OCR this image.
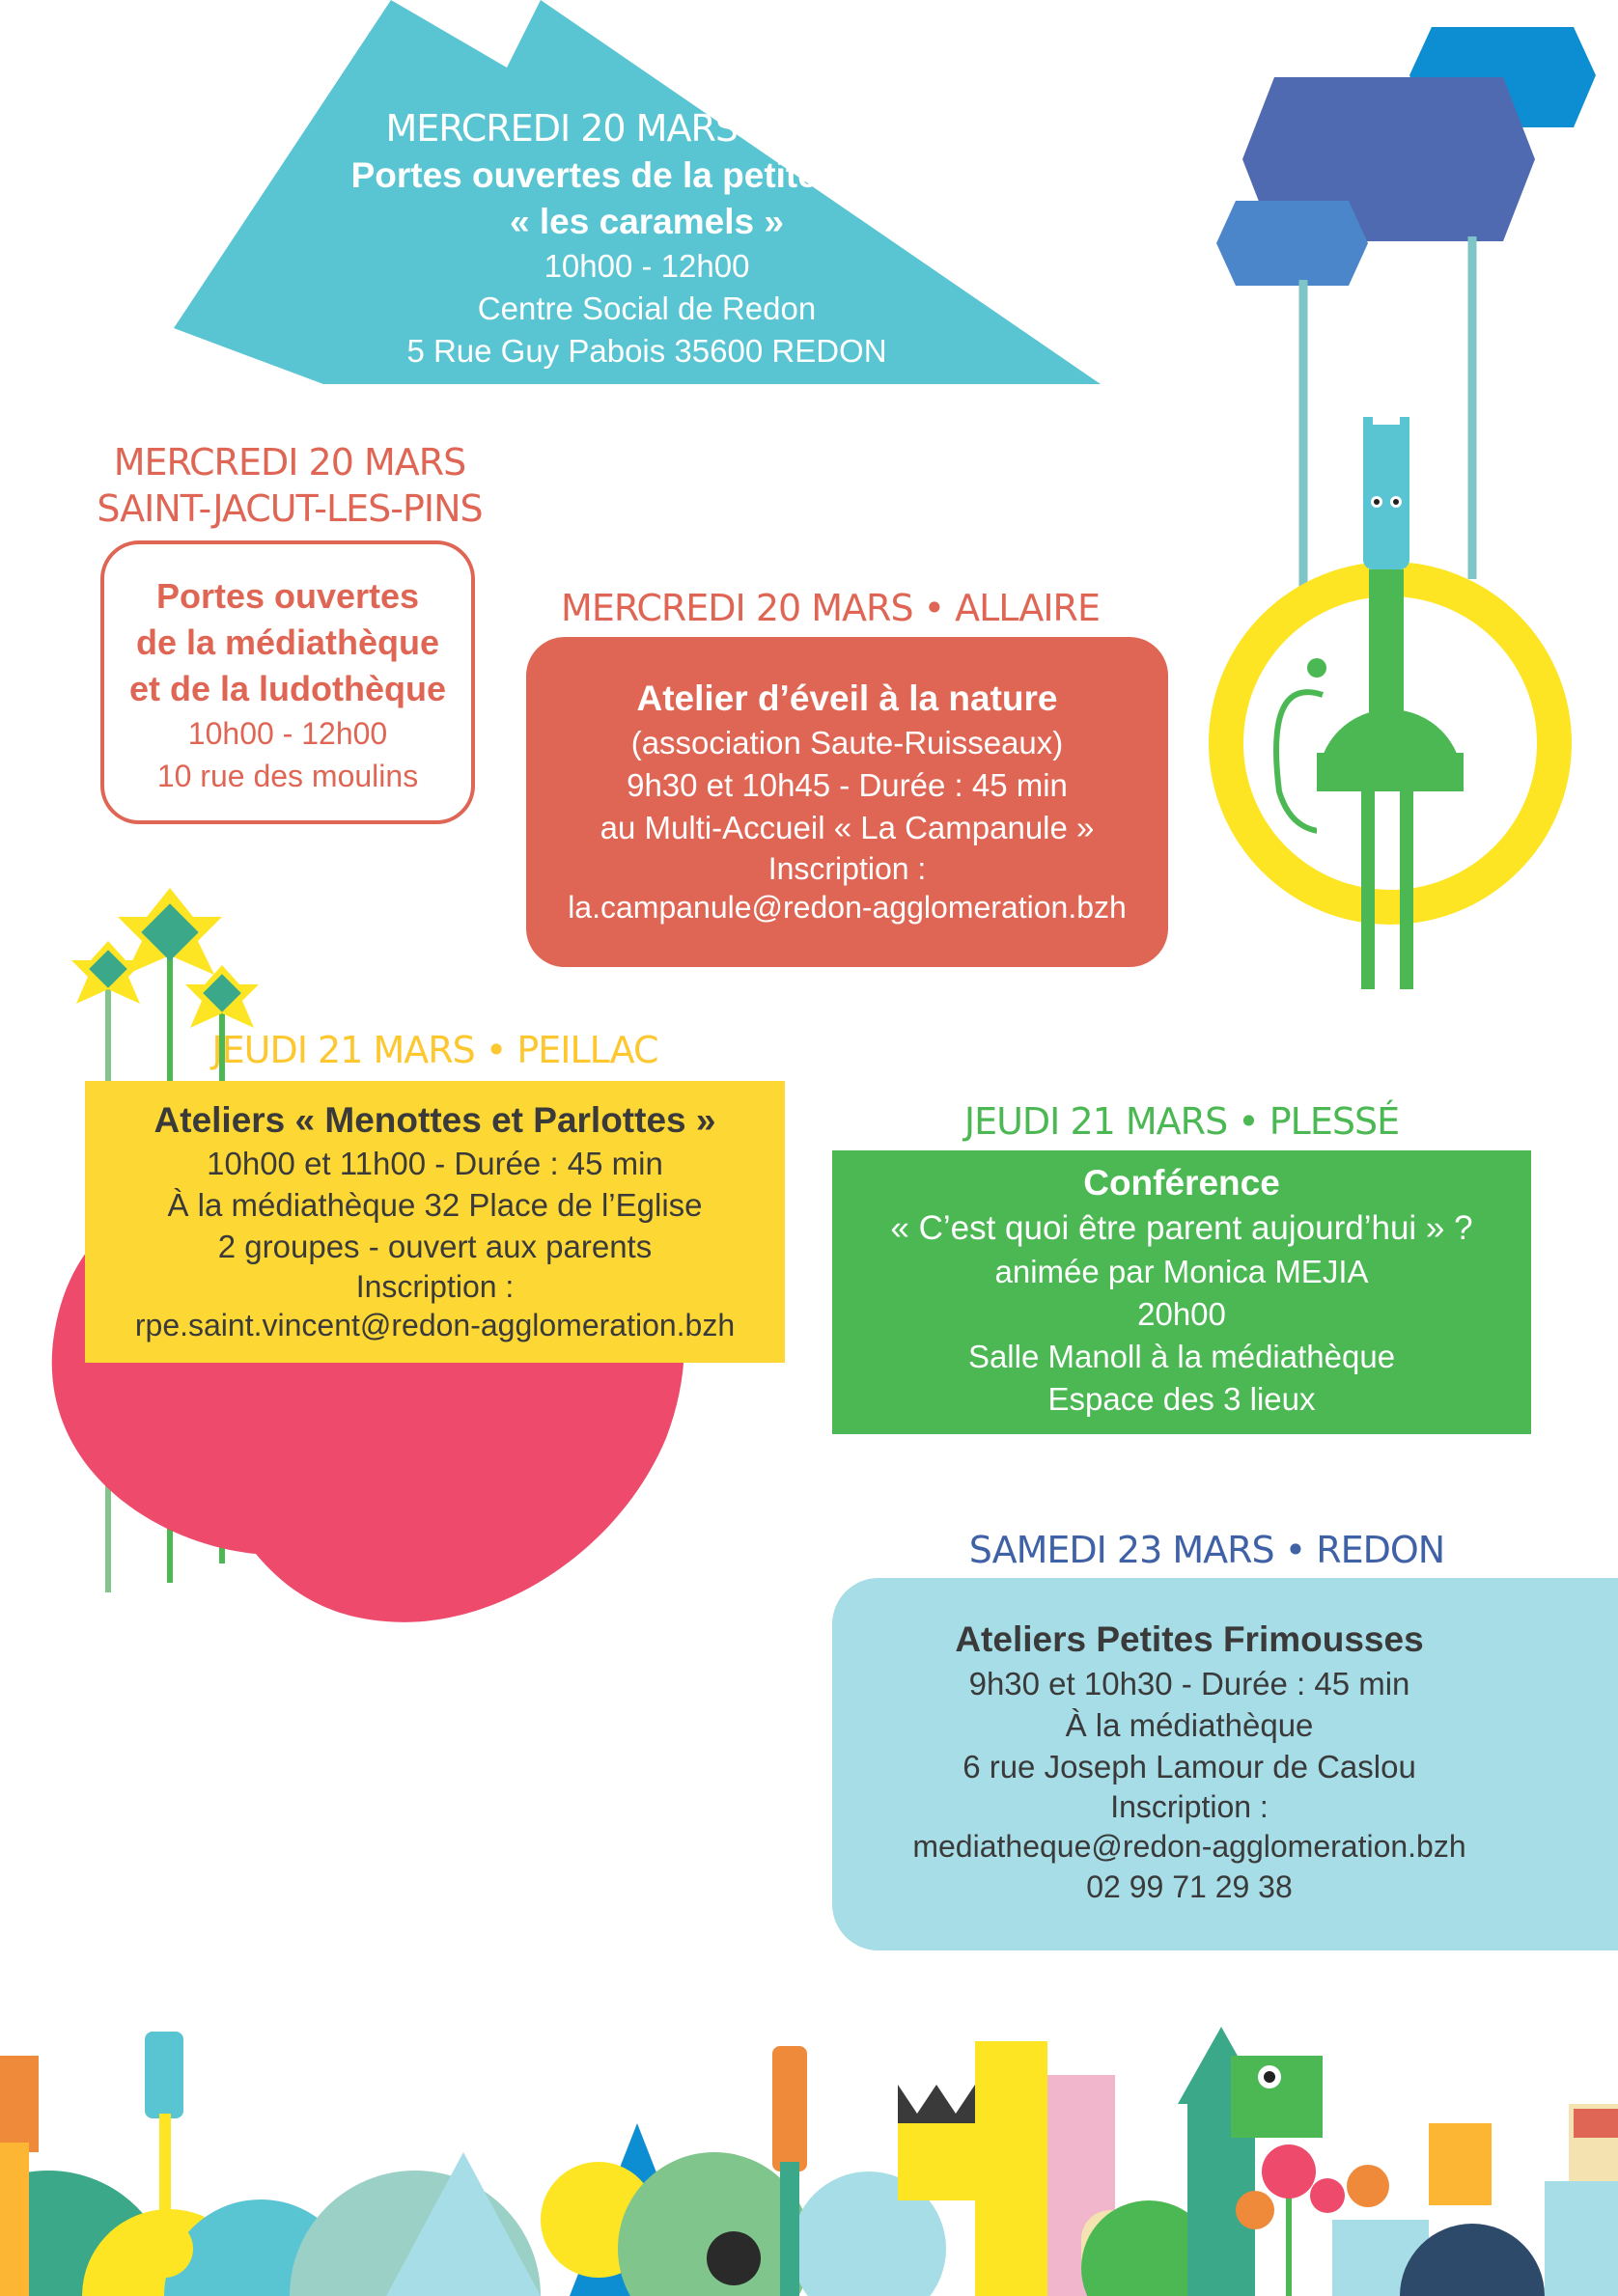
MERCREDI 20 MARS • REDON
Portes ouvertes de la petite crèche
« les caramels »
10h00 - 12h00
Centre Social de Redon
5 Rue Guy Pabois 35600 REDON
MERCREDI 20 MARS
SAINT-JACUT-LES-PINS
Portes ouvertes
de la médiathèque
et de la ludothèque
10h00 - 12h00
10 rue des moulins
MERCREDI 20 MARS • ALLAIRE
Atelier d’éveil à la nature
(association Saute-Ruisseaux)
9h30 et 10h45 - Durée : 45 min
au Multi-Accueil « La Campanule »
Inscription :
la.campanule@redon-agglomeration.bzh
JEUDI 21 MARS • PEILLAC
Ateliers « Menottes et Parlottes »
10h00 et 11h00 - Durée : 45 min
À la médiathèque 32 Place de l’Eglise
2 groupes - ouvert aux parents
Inscription :
rpe.saint.vincent@redon-agglomeration.bzh
JEUDI 21 MARS • PLESSÉ
Conférence
« C’est quoi être parent aujourd’hui » ?
animée par Monica MEJIA
20h00
Salle Manoll à la médiathèque
Espace des 3 lieux
SAMEDI 23 MARS • PIPRIAC
Temps de lecture
pour les tout-petits
16h30 à la médiathèque
Inscription :
médiatheque@mairie-pipriac.fr
02 99 34 32 68
07 65 79 90 49
SAMEDI 23 MARS • REDON
Ateliers Petites Frimousses
9h30 et 10h30 - Durée : 45 min
À la médiathèque
6 rue Joseph Lamour de Caslou
Inscription :
mediatheque@redon-agglomeration.bzh
02 99 71 29 38
